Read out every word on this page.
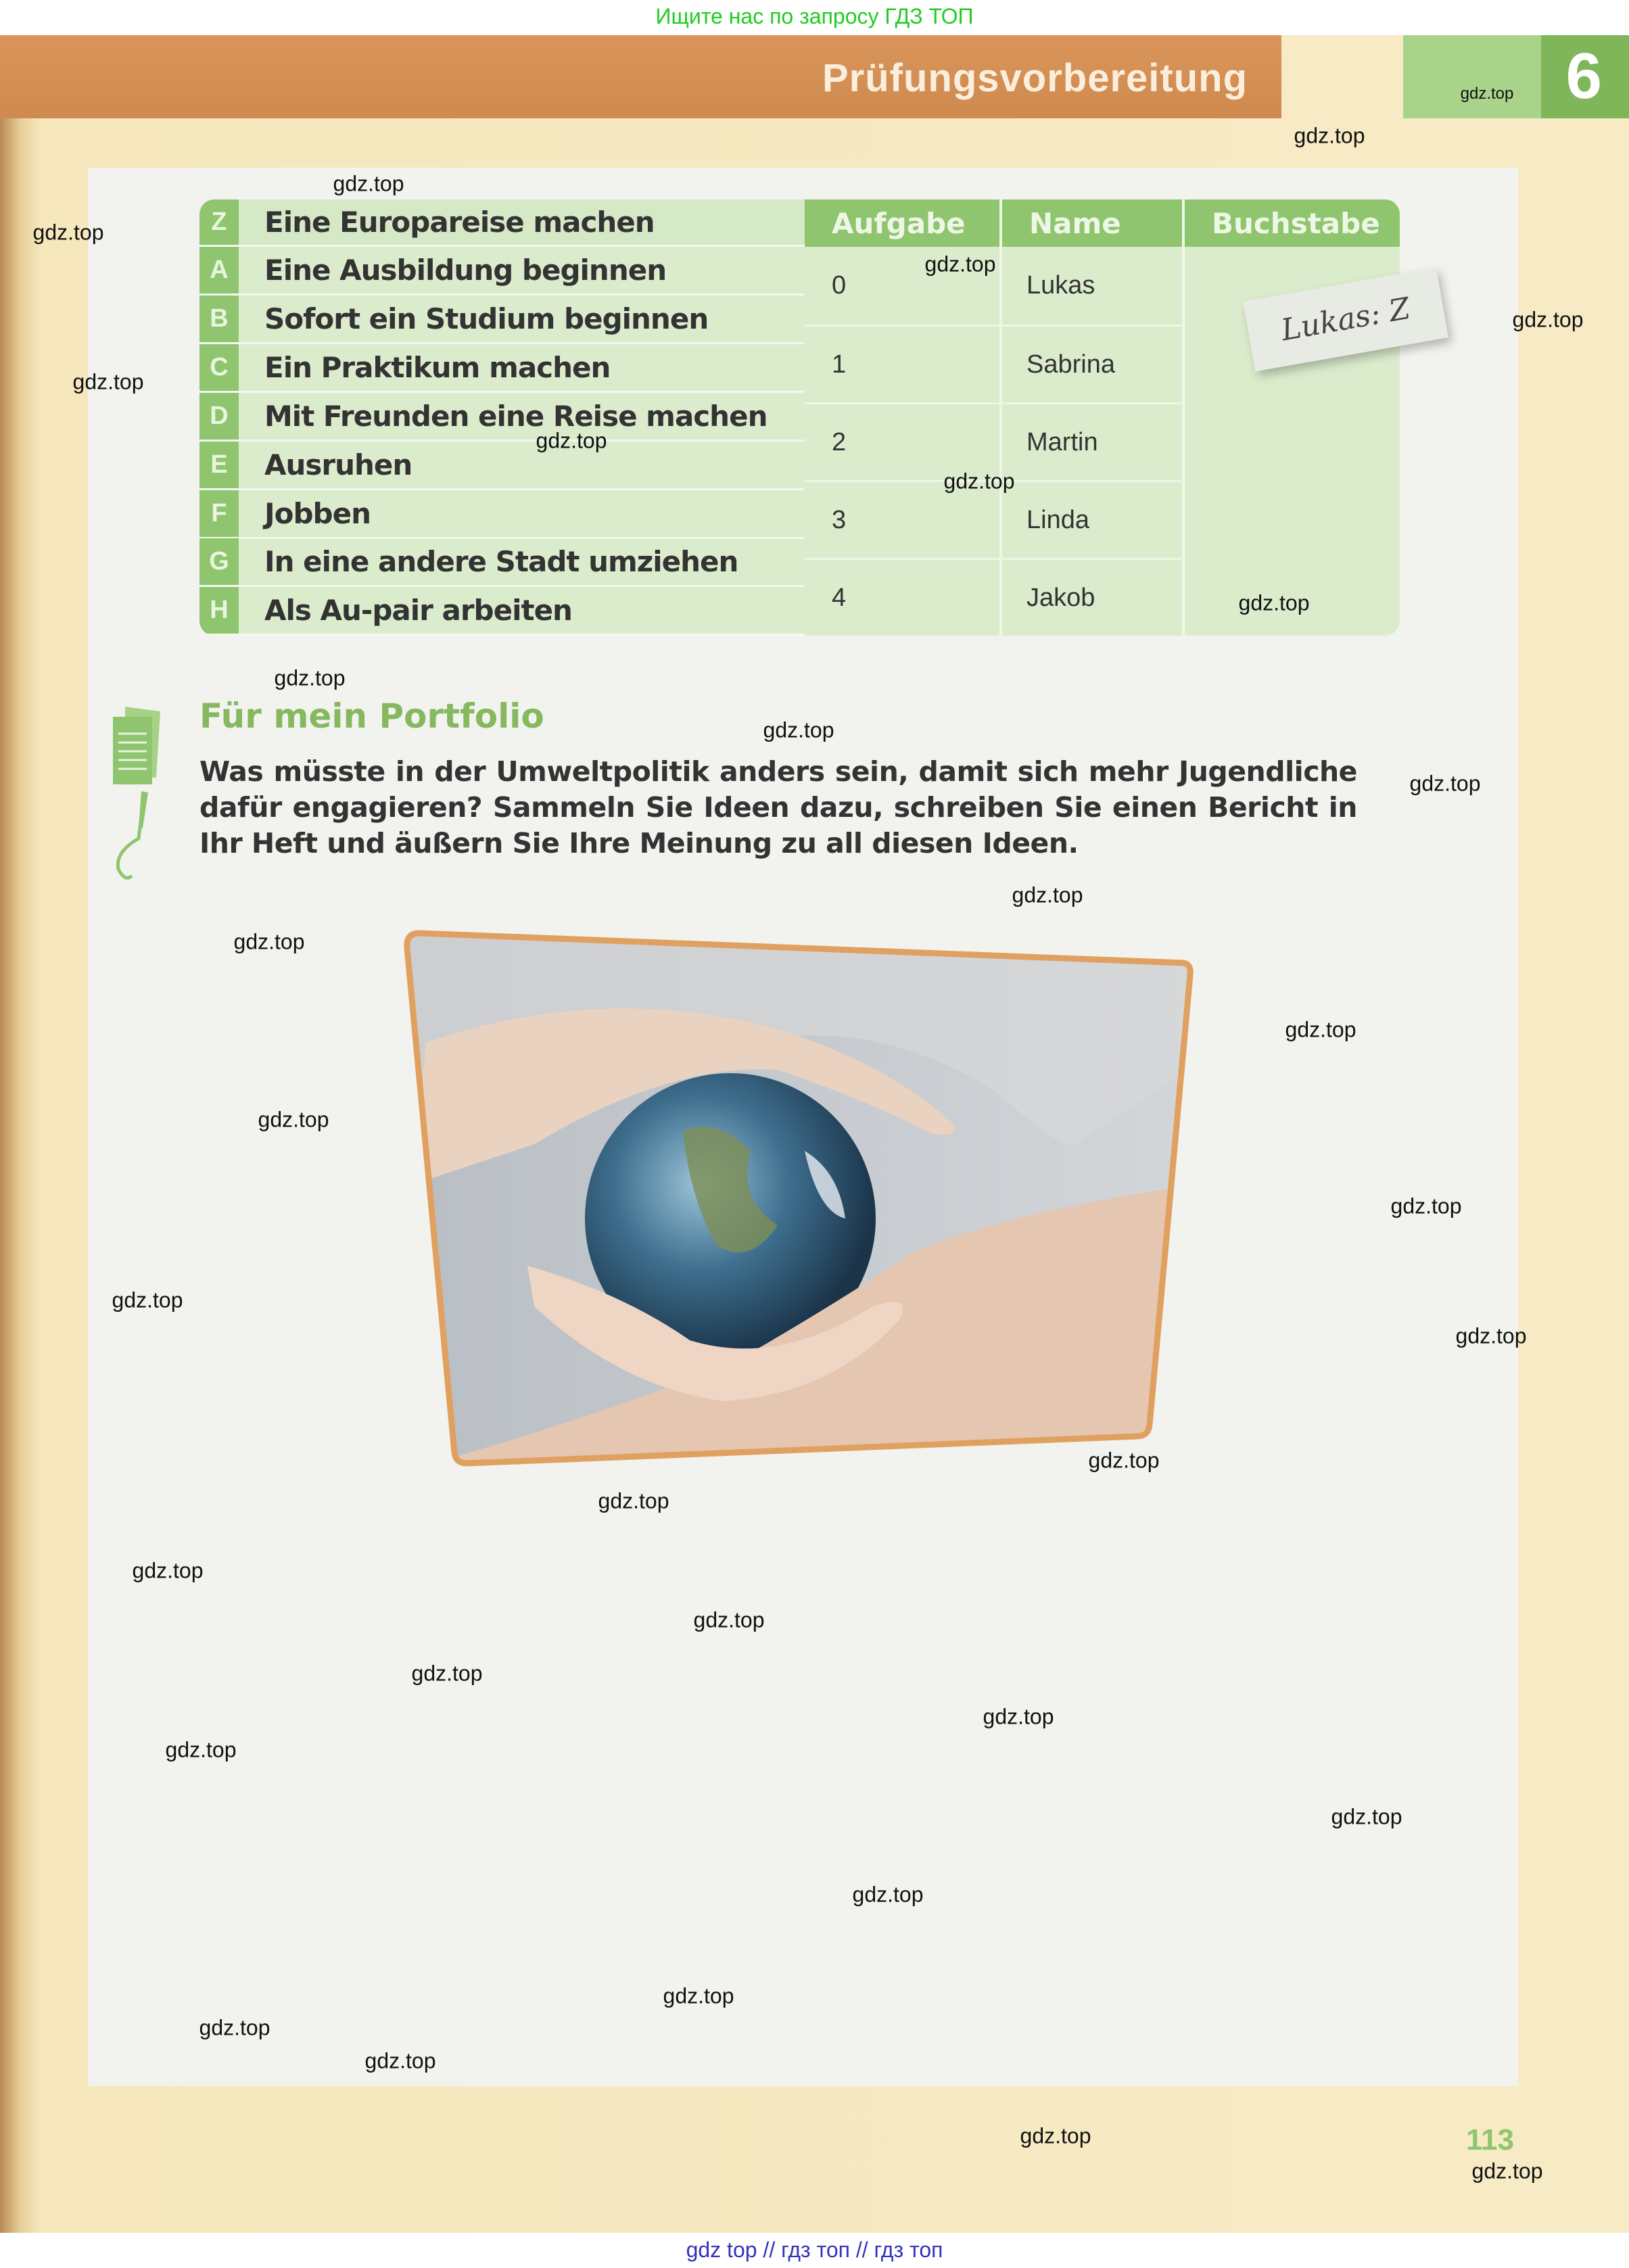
Ищите нас по запросу ГДЗ ТОП
Prüfungsvorbereitung	6
Z	Eine Europareise machen
A	Eine Ausbildung beginnen
B	Sofort ein Studium beginnen
C	Ein Praktikum machen
D	Mit Freunden eine Reise machen
E	Ausruhen
F	Jobben
G	In eine andere Stadt umziehen
H	Als Au-pair arbeiten
Aufgabe	Name	Buchstabe
0	Lukas
1	Sabrina
2	Martin
3	Linda
4	Jakob
Lukas: Z
Für mein Portfolio
Was müsste in der Umweltpolitik anders sein, damit sich mehr Jugendliche dafür engagieren? Sammeln Sie Ideen dazu, schreiben Sie einen Bericht in Ihr Heft und äußern Sie Ihre Meinung zu all diesen Ideen.
113
gdz top // гдз топ // гдз топ
gdz.top
gdz.top
gdz.top
gdz.top
gdz.top
gdz.top
gdz.top
gdz.top
gdz.top
gdz.top
gdz.top
gdz.top
gdz.top
gdz.top
gdz.top
gdz.top
gdz.top
gdz.top
gdz.top
gdz.top
gdz.top
gdz.top
gdz.top
gdz.top
gdz.top
gdz.top
gdz.top
gdz.top
gdz.top
gdz.top
gdz.top
gdz.top
gdz.top
gdz.top
